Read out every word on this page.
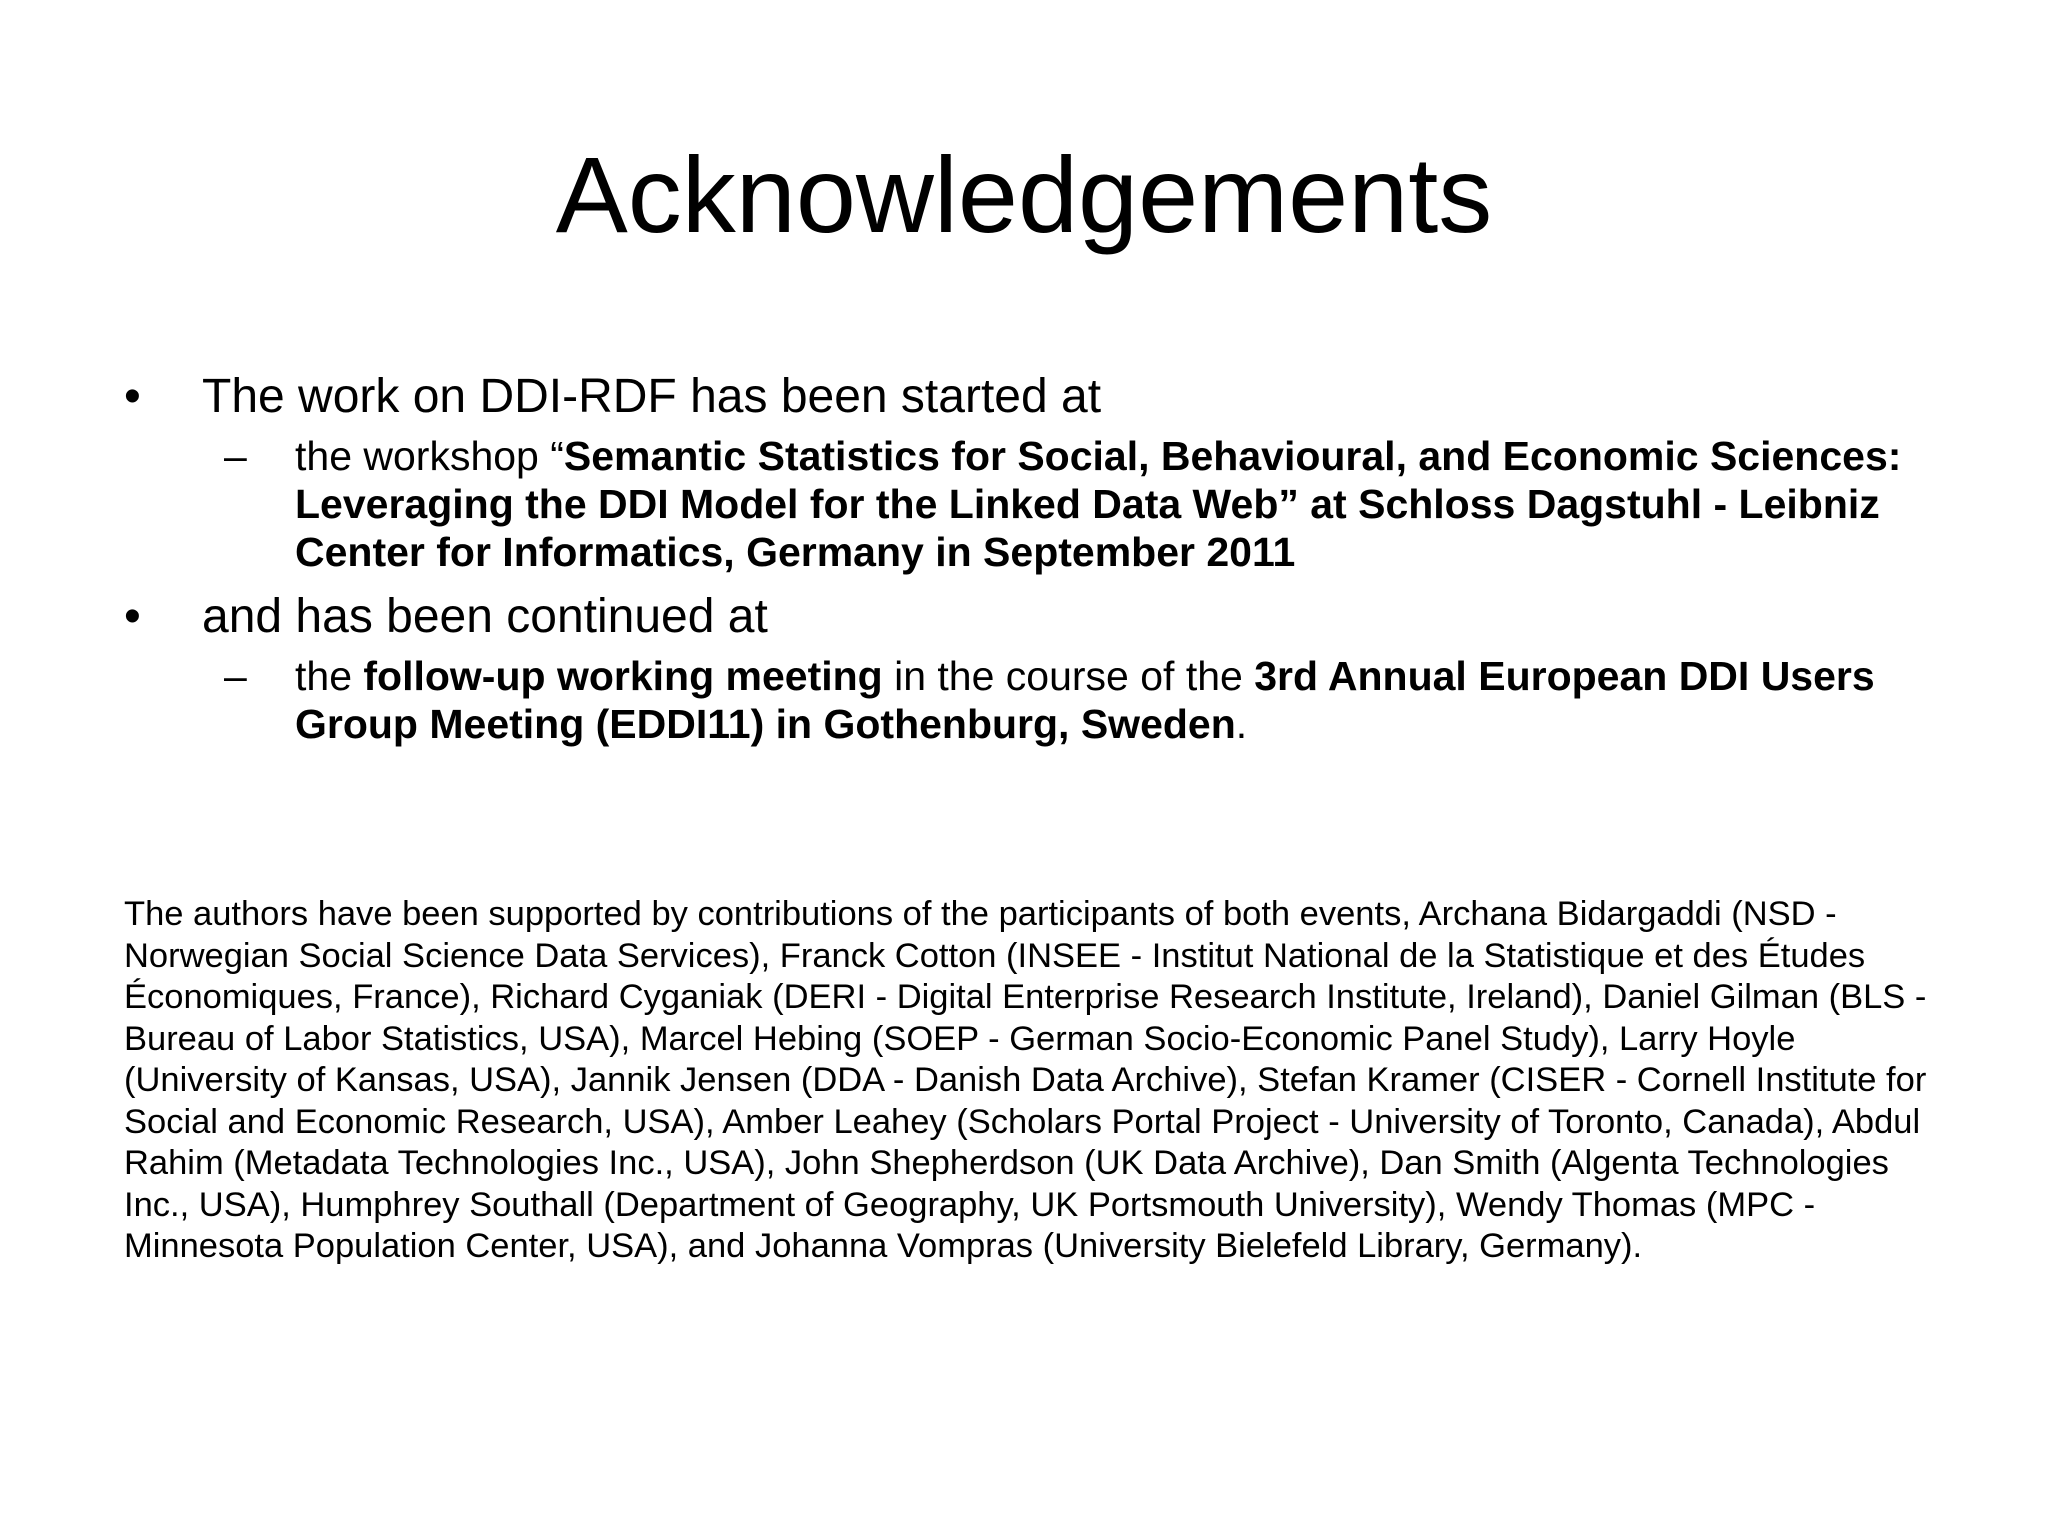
Acknowledgements
•	The work on DDI-RDF has been started at
–	the workshop “Semantic Statistics for Social, Behavioural, and Economic Sciences: Leveraging the DDI Model for the Linked Data Web” at Schloss Dagstuhl - Leibniz Center for Informatics, Germany in September 2011
•	and has been continued at
–	the follow-up working meeting in the course of the 3rd Annual European DDI Users Group Meeting (EDDI11) in Gothenburg, Sweden.
The authors have been supported by contributions of the participants of both events, Archana Bidargaddi (NSD - Norwegian Social Science Data Services), Franck Cotton (INSEE - Institut National de la Statistique et des Études Économiques, France), Richard Cyganiak (DERI - Digital Enterprise Research Institute, Ireland), Daniel Gilman (BLS - Bureau of Labor Statistics, USA), Marcel Hebing (SOEP - German Socio-Economic Panel Study), Larry Hoyle (University of Kansas, USA), Jannik Jensen (DDA - Danish Data Archive), Stefan Kramer (CISER - Cornell Institute for Social and Economic Research, USA), Amber Leahey (Scholars Portal Project - University of Toronto, Canada), Abdul Rahim (Metadata Technologies Inc., USA), John Shepherdson (UK Data Archive), Dan Smith (Algenta Technologies Inc., USA), Humphrey Southall (Department of Geography, UK Portsmouth University), Wendy Thomas (MPC - Minnesota Population Center, USA), and Johanna Vompras (University Bielefeld Library, Germany).
